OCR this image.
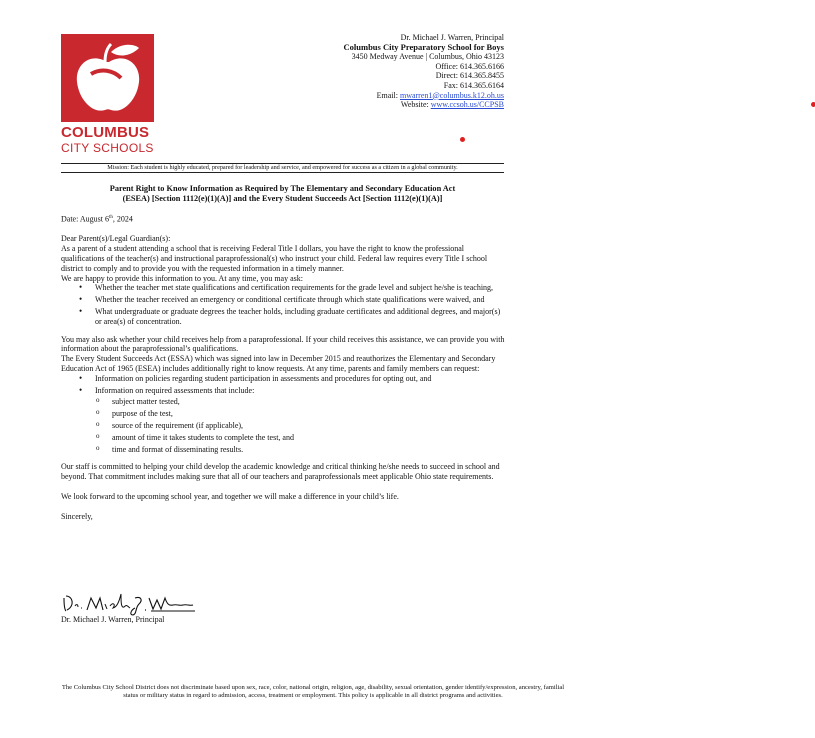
COLUMBUS
CITY SCHOOLS
Dr. Michael J. Warren, Principal
Columbus City Preparatory School for Boys
3450 Medway Avenue | Columbus, Ohio 43123
Office: 614.365.6166
Direct: 614.365.8455
Fax: 614.365.6164
Email: mwarren1@columbus.k12.oh.us
Website: www.ccsoh.us/CCPSB
Mission: Each student is highly educated, prepared for leadership and service, and empowered for success as a citizen in a global community.
Parent Right to Know Information as Required by The Elementary and Secondary Education Act
(ESEA) [Section 1112(e)(1)(A)] and the Every Student Succeeds Act [Section 1112(e)(1)(A)]

Date: August 6th, 2024

Dear Parent(s)/Legal Guardian(s):

As a parent of a student attending a school that is receiving Federal Title I dollars, you have the right to know the professional qualifications of the teacher(s) and instructional paraprofessional(s) who instruct your child. Federal law requires every Title I school district to comply and to provide you with the requested information in a timely manner.

We are happy to provide this information to you. At any time, you may ask:

• Whether the teacher met state qualifications and certification requirements for the grade level and subject he/she is teaching,
• Whether the teacher received an emergency or conditional certificate through which state qualifications were waived, and
• What undergraduate or graduate degrees the teacher holds, including graduate certificates and additional degrees, and major(s) or area(s) of concentration.

You may also ask whether your child receives help from a paraprofessional. If your child receives this assistance, we can provide you with information about the paraprofessional’s qualifications.

The Every Student Succeeds Act (ESSA) which was signed into law in December 2015 and reauthorizes the Elementary and Secondary Education Act of 1965 (ESEA) includes additionally right to know requests. At any time, parents and family members can request:

• Information on policies regarding student participation in assessments and procedures for opting out, and
• Information on required assessments that include:
o subject matter tested,
o purpose of the test,
o source of the requirement (if applicable),
o amount of time it takes students to complete the test, and
o time and format of disseminating results.

Our staff is committed to helping your child develop the academic knowledge and critical thinking he/she needs to succeed in school and beyond. That commitment includes making sure that all of our teachers and paraprofessionals meet applicable Ohio state requirements.

We look forward to the upcoming school year, and together we will make a difference in your child’s life.

Sincerely,

Dr. Michael J. Warren, Principal
The Columbus City School District does not discriminate based upon sex, race, color, national origin, religion, age, disability, sexual orientation, gender identify/expression, ancestry, familial status or military status in regard to admission, access, treatment or employment. This policy is applicable in all district programs and activities.
